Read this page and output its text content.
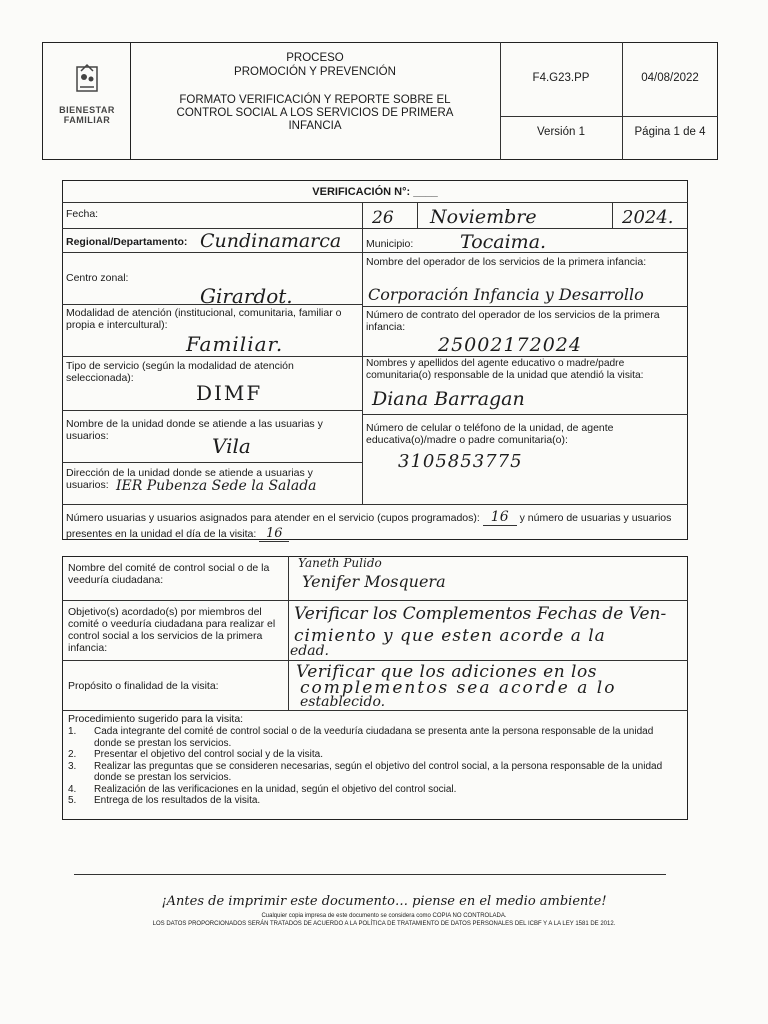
BIENESTAR FAMILIAR
PROCESO
PROMOCIÓN Y PREVENCIÓN
FORMATO VERIFICACIÓN Y REPORTE SOBRE EL CONTROL SOCIAL A LOS SERVICIOS DE PRIMERA INFANCIA
F4.G23.PP	04/08/2022
Versión 1	Página 1 de 4
VERIFICACIÓN N°: ____
Fecha:	26 Noviembre	2024.
Regional/Departamento: Cundinamarca Municipio: Tocaima.
Centro zonal:
Girardot.
Modalidad de atención (institucional, comunitaria, familiar o propia e intercultural):
Familiar.
Tipo de servicio (según la modalidad de atención seleccionada):
DIMF
Nombre de la unidad donde se atiende a las usuarias y usuarios:	Vila
Dirección de la unidad donde se atiende a usuarias y usuarios: IER Pubenza Sede la Salada
Nombre del operador de los servicios de la primera infancia:
Corporación Infancia y Desarrollo
Número de contrato del operador de los servicios de la primera infancia:
25002172024
Nombres y apellidos del agente educativo o madre/padre comunitaria(o) responsable de la unidad que atendió la visita:
Diana Barragan
Número de celular o teléfono de la unidad, de agente educativa(o)/madre o padre comunitaria(o):
3105853775
Número usuarias y usuarios asignados para atender en el servicio (cupos programados): 16 y número de usuarias y usuarios presentes en la unidad el día de la visita: 16
Nombre del comité de control social o de la veeduría ciudadana:
Yaneth Pulido
Yenifer Mosquera
Objetivo(s) acordado(s) por miembros del comité o veeduría ciudadana para realizar el control social a los servicios de la primera infancia:
Verificar los Complementos Fechas de Ven-
cimiento y que esten acorde a la
edad.
Propósito o finalidad de la visita:
Verificar que los adiciones en los
complementos sea acorde a lo
establecido.
Procedimiento sugerido para la visita:
1.	Cada integrante del comité de control social o de la veeduría ciudadana se presenta ante la persona responsable de la unidad donde se prestan los servicios.
2.	Presentar el objetivo del control social y de la visita.
3.	Realizar las preguntas que se consideren necesarias, según el objetivo del control social, a la persona responsable de la unidad donde se prestan los servicios.
4.	Realización de las verificaciones en la unidad, según el objetivo del control social.
5.	Entrega de los resultados de la visita.
¡Antes de imprimir este documento… piense en el medio ambiente!
Cualquier copia impresa de este documento se considera como COPIA NO CONTROLADA.
LOS DATOS PROPORCIONADOS SERÁN TRATADOS DE ACUERDO A LA POLÍTICA DE TRATAMIENTO DE DATOS PERSONALES DEL ICBF Y A LA LEY 1581 DE 2012.
